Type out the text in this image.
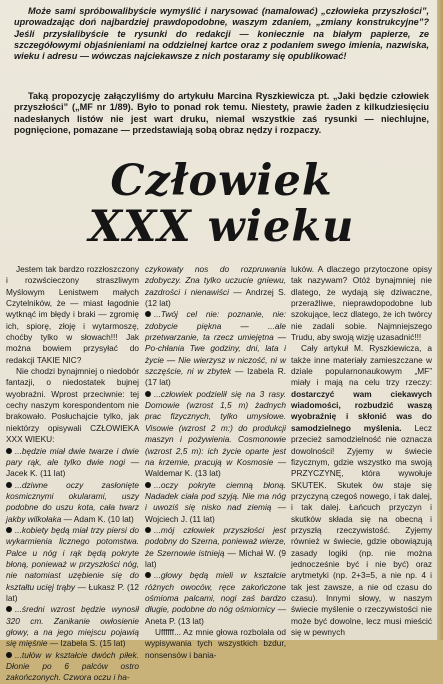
Może sami spróbowalibyście wymyślić i narysować (namalować) „człowieka przyszłości”, uprowadzając doń najbardziej prawdopodobne, waszym zdaniem, „zmiany konstrukcyjne”? Jeśli przysłalibyście te rysunki do redakcji — koniecznie na białym papierze, ze szczegółowymi objaśnieniami na oddzielnej kartce oraz z podaniem swego imienia, nazwiska, wieku i adresu — wówczas najciekawsze z nich postaramy się opublikować!

Taką propozycję załączyliśmy do artykułu Marcina Ryszkiewicza pt. „Jaki będzie człowiek przyszłości” („MF nr 1/89). Było to ponad rok temu. Niestety, prawie żaden z kilkudziesięciu nadesłanych listów nie jest wart druku, niemal wszystkie zaś rysunki — niechlujne, pognięcione, pomazane — przedstawiają sobą obraz nędzy i rozpaczy.

Człowiek
XXX wieku

Jestem tak bardzo rozzłoszczony i rozwścieczony straszliwym Myślowym Lenistwem małych Czytelników, że — miast łagodnie wytknąć im błędy i braki — zgromię ich, spiorę, złoję i wytarmoszę, choćby tylko w słowach!!! Jak można bowiem przysyłać do redakcji TAKIE NIC?

Nie chodzi bynajmniej o niedobór fantazji, o niedostatek bujnej wyobraźni. Wprost przeciwnie: tej cechy naszym korespondentom nie brakowało. Posłuchajcie tylko, jak niektórzy opisywali CZŁOWIEKA XXX WIEKU:

...będzie miał dwie twarze i dwie pary rąk, ale tylko dwie nogi — Jacek K. (11 lat)

...dziwne oczy zasłonięte kosmicznymi okularami, uszy podobne do uszu kota, cała twarz jakby wilkołaka — Adam K. (10 lat)

...kobiety będą miał trzy piersi do wykarmienia licznego potomstwa. Palce u nóg i rąk będą pokryte błoną, ponieważ w przyszłości nóg, nie natomiast uzębienie się do kształtu ucięj trąby — Łukasz P. (12 lat)

...średni wzrost będzie wynosił 320 cm. Zanikanie owłosienie głowy, a na jego miejscu pojawią się mięśnie — Izabela S. (15 lat)

...tułów w kształcie dwóch piłek. Dłonie po 6 palców ostro zakończonych. Czwora oczu i ha-

czykowaty nos do rozpruwania zdobyczy. Zna tylko uczucie gniewu, zazdrości i nienawiści — Andrzej S. (12 lat)

...Twój cel nie: poznanie, nie: zdobycie piękna — ...ale przetwarzanie, ta rzecz umiejętna — Po-chłania Twe godziny, dni, lata i życie — Nie wierzysz w niczość, ni w szczęście, ni w zbytek — Izabela R. (17 lat)

...człowiek podzielił się na 3 rasy. Domowie (wzrost 1,5 m) żadnych prac fizycznych, tylko umysłowe. Visowie (wzrost 2 m:) do produkcji maszyn i pożywienia. Cosmonowie (wzrost 2,5 m): ich życie oparte jest na krzemie, pracują w Kosmosie — Waldemar K. (13 lat)

...oczy pokryte ciemną błoną. Nadadek ciała pod szyją. Nie ma nóg i uwoziś się nisko nad ziemią — Wojciech J. (11 lat)

...mój człowiek przyszłości jest podobny do Szerna, ponieważ wierze, że Szernowie istnieją — Michał W. (9 lat)

...głowy będą mieli w kształcie różnych owoców, ręce zakończone ośmioma palcami, nogi zaś bardzo długie, podobne do nóg ośmiornicy — Aneta P. (13 lat)

Uffffff... Az mnie głowa rozbolała od wypisywania tych wszystkich bzdur, nonsensów i bania-

luków. A dlaczego przytoczone opisy tak nazywam? Otóż bynajmniej nie dlatego, że wydają się dziwaczne, przeraźliwe, nieprawdopodobne lub szokujące, lecz dlatego, że ich twórcy nie zadali sobie. Najmniejszego Trudu, aby swoją wizję uzasadnić!!!

Cały artykuł M. Ryszkiewicza, a także inne materiały zamieszczane w dziale popularnonaukowym „MF” miały i mają na celu trzy rzeczy: dostarczyć wam ciekawych wiadomości, rozbudzić waszą wyobraźnię i skłonić was do samodzielnego myślenia. Lecz przecież samodzielność nie oznacza dowolności! Zyjemy w świecie fizycznym, gdzie wszystko ma swoją PRZYCZYNĘ, która wywołuje SKUTEK. Skutek ów staje się przyczyną czegoś nowego, i tak dalej, i tak dalej. Łańcuch przyczyn i skutków składa się na obecną i przyszłą rzeczywistość. Zyjemy również w świecie, gdzie obowiązują zasady logiki (np. nie można jednocześnie być i nie być) oraz arytmetyki (np. 2+3=5, a nie np. 4 i tak jest zawsze, a nie od czasu do czasu). Innymi słowy, w naszym świecie myślenie o rzeczywistości nie może być dowolne, lecz musi mieścić się w pewnych
